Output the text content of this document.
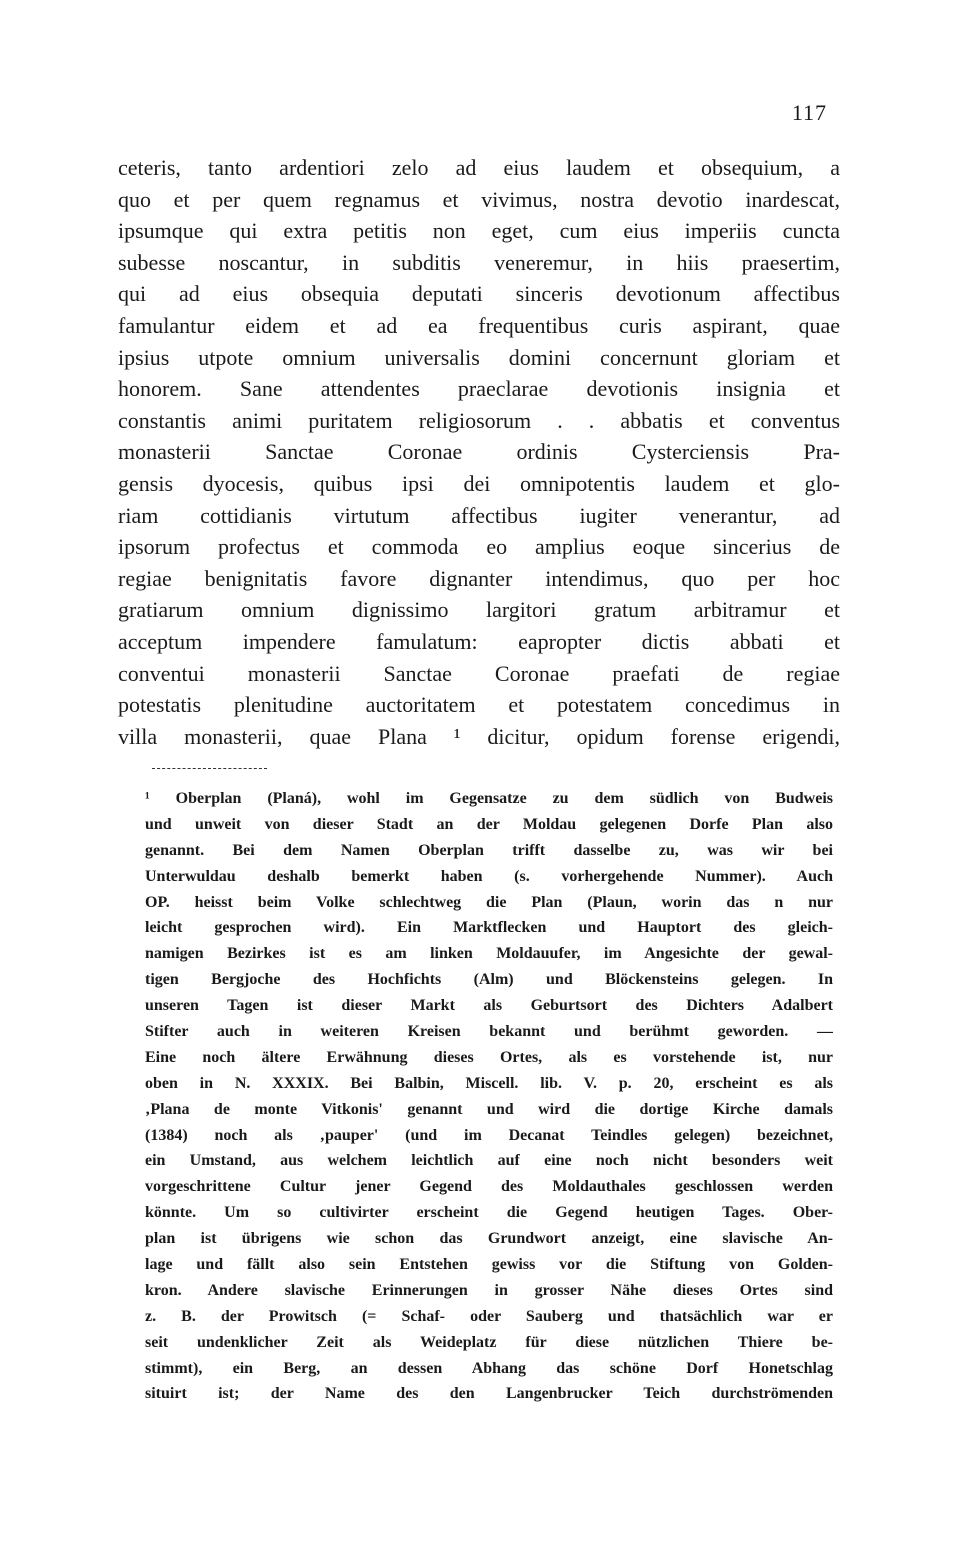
117
ceteris, tanto ardentiori zelo ad eius laudem et obsequium, a
quo et per quem regnamus et vivimus, nostra devotio inardescat,
ipsumque qui extra petitis non eget, cum eius imperiis cuncta
subesse noscantur, in subditis veneremur, in hiis praesertim,
qui ad eius obsequia deputati sinceris devotionum affectibus
famulantur eidem et ad ea frequentibus curis aspirant, quae
ipsius utpote omnium universalis domini concernunt gloriam et
honorem. Sane attendentes praeclarae devotionis insignia et
constantis animi puritatem religiosorum . . abbatis et conventus
monasterii Sanctae Coronae ordinis Cysterciensis Pra-
gensis dyocesis, quibus ipsi dei omnipotentis laudem et glo-
riam cottidianis virtutum affectibus iugiter venerantur, ad
ipsorum profectus et commoda eo amplius eoque sincerius de
regiae benignitatis favore dignanter intendimus, quo per hoc
gratiarum omnium dignissimo largitori gratum arbitramur et
acceptum impendere famulatum: eapropter dictis abbati et
conventui monasterii Sanctae Coronae praefati de regiae
potestatis plenitudine auctoritatem et potestatem concedimus in
villa monasterii, quae Plana ¹ dicitur, opidum forense erigendi,
¹ Oberplan (Planá), wohl im Gegensatze zu dem südlich von Budweis
und unweit von dieser Stadt an der Moldau gelegenen Dorfe Plan also
genannt. Bei dem Namen Oberplan trifft dasselbe zu, was wir bei
Unterwuldau deshalb bemerkt haben (s. vorhergehende Nummer). Auch
OP. heisst beim Volke schlechtweg die Plan (Plaun, worin das n nur
leicht gesprochen wird). Ein Marktflecken und Hauptort des gleich-
namigen Bezirkes ist es am linken Moldauufer, im Angesichte der gewal-
tigen Bergjoche des Hochfichts (Alm) und Blöckensteins gelegen. In
unseren Tagen ist dieser Markt als Geburtsort des Dichters Adalbert
Stifter auch in weiteren Kreisen bekannt und berühmt geworden. —
Eine noch ältere Erwähnung dieses Ortes, als es vorstehende ist, nur
oben in N. XXXIX. Bei Balbin, Miscell. lib. V. p. 20, erscheint es als
‚Plana de monte Vitkonis' genannt und wird die dortige Kirche damals
(1384) noch als ‚pauper' (und im Decanat Teindles gelegen) bezeichnet,
ein Umstand, aus welchem leichtlich auf eine noch nicht besonders weit
vorgeschrittene Cultur jener Gegend des Moldauthales geschlossen werden
könnte. Um so cultivirter erscheint die Gegend heutigen Tages. Ober-
plan ist übrigens wie schon das Grundwort anzeigt, eine slavische An-
lage und fällt also sein Entstehen gewiss vor die Stiftung von Golden-
kron. Andere slavische Erinnerungen in grosser Nähe dieses Ortes sind
z. B. der Prowitsch (= Schaf- oder Sauberg und thatsächlich war er
seit undenklicher Zeit als Weideplatz für diese nützlichen Thiere be-
stimmt), ein Berg, an dessen Abhang das schöne Dorf Honetschlag
situirt ist; der Name des den Langenbrucker Teich durchströmenden
